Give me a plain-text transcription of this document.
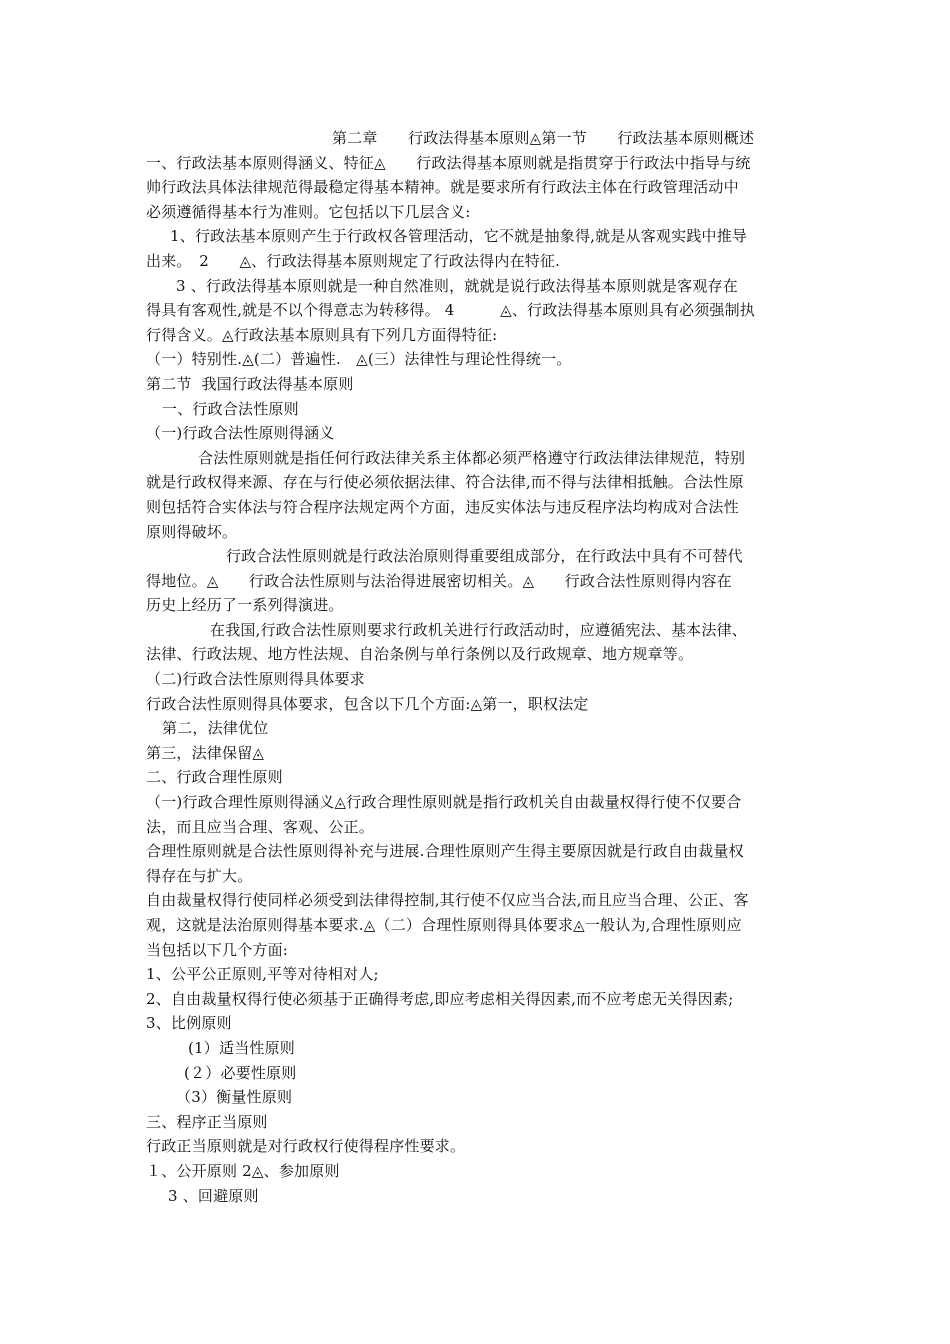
第二章　　行政法得基本原则◬第一节　　行政法基本原则概述
一、行政法基本原则得涵义、特征◬　　行政法得基本原则就是指贯穿于行政法中指导与统
帅行政法具体法律规范得最稳定得基本精神。就是要求所有行政法主体在行政管理活动中
必须遵循得基本行为准则。它包括以下几层含义:
1、行政法基本原则产生于行政权各管理活动，它不就是抽象得,就是从客观实践中推导
出来。　2　　◬、行政法得基本原则规定了行政法得内在特征.
3 、行政法得基本原则就是一种自然准则，就就是说行政法得基本原则就是客观存在
得具有客观性,就是不以个得意志为转移得。 4　　　◬、行政法得基本原则具有必须强制执
行得含义。◬行政法基本原则具有下列几方面得特征:
（一）特别性.◬(二）普遍性.　◬(三）法律性与理论性得统一。
第二节  我国行政法得基本原则
一、行政合法性原则
（一)行政合法性原则得涵义
合法性原则就是指任何行政法律关系主体都必须严格遵守行政法律法律规范，特别
就是行政权得来源、存在与行使必须依据法律、符合法律,而不得与法律相抵触。合法性原
则包括符合实体法与符合程序法规定两个方面，违反实体法与违反程序法均构成对合法性
原则得破坏。
行政合法性原则就是行政法治原则得重要组成部分，在行政法中具有不可替代
得地位。◬　　行政合法性原则与法治得进展密切相关。◬　　行政合法性原则得内容在
历史上经历了一系列得演进。
在我国,行政合法性原则要求行政机关进行行政活动时，应遵循宪法、基本法律、
法律、行政法规、地方性法规、自治条例与单行条例以及行政规章、地方规章等。
（二)行政合法性原则得具体要求
行政合法性原则得具体要求，包含以下几个方面:◬第一，职权法定
第二，法律优位
第三，法律保留◬
二、行政合理性原则
（一)行政合理性原则得涵义◬行政合理性原则就是指行政机关自由裁量权得行使不仅要合
法，而且应当合理、客观、公正。
合理性原则就是合法性原则得补充与进展.合理性原则产生得主要原因就是行政自由裁量权
得存在与扩大。
自由裁量权得行使同样必须受到法律得控制,其行使不仅应当合法,而且应当合理、公正、客
观，这就是法治原则得基本要求.◬（二）合理性原则得具体要求◬一般认为,合理性原则应
当包括以下几个方面:
1、公平公正原则,平等对待相对人;
2、自由裁量权得行使必须基于正确得考虑,即应考虑相关得因素,而不应考虑无关得因素;
3、比例原则
(1）适当性原则
(２）必要性原则
（3）衡量性原则
三、程序正当原则
行政正当原则就是对行政权行使得程序性要求。
１、公开原则 2◬、参加原则
3 、回避原则
